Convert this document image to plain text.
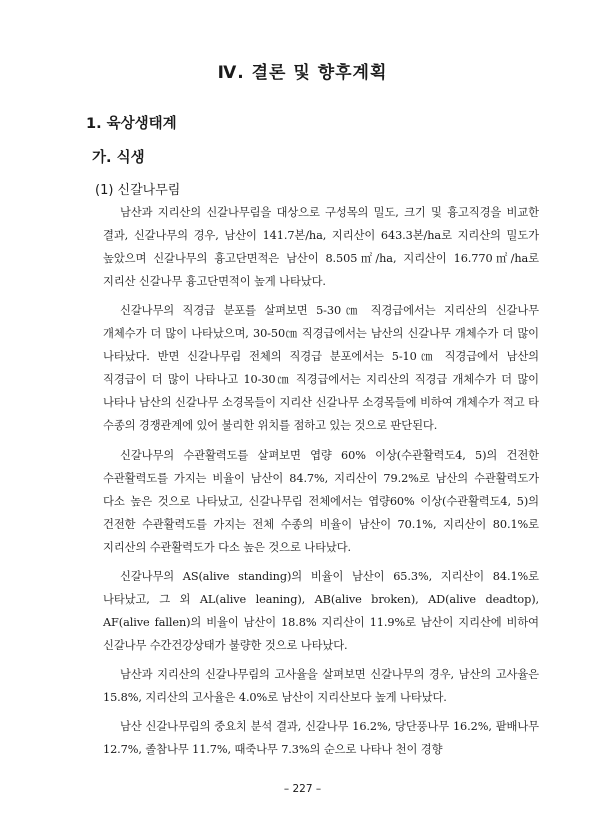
Ⅳ. 결론 및 향후계획
1. 육상생태계
가. 식생
(1) 신갈나무림

남산과 지리산의 신갈나무림을 대상으로 구성목의 밀도, 크기 및 흉고직경을 비교한 결과, 신갈나무의 경우, 남산이 141.7본/ha, 지리산이 643.3본/ha로 지리산의 밀도가 높았으며 신갈나무의 흉고단면적은 남산이 8.505㎡/ha, 지리산이 16.770㎡/ha로 지리산 신갈나무 흉고단면적이 높게 나타났다.

신갈나무의 직경급 분포를 살펴보면 5-30㎝ 직경급에서는 지리산의 신갈나무 개체수가 더 많이 나타났으며, 30-50㎝ 직경급에서는 남산의 신갈나무 개체수가 더 많이 나타났다. 반면 신갈나무림 전체의 직경급 분포에서는 5-10㎝ 직경급에서 남산의 직경급이 더 많이 나타나고 10-30㎝ 직경급에서는 지리산의 직경급 개체수가 더 많이 나타나 남산의 신갈나무 소경목들이 지리산 신갈나무 소경목들에 비하여 개체수가 적고 타 수종의 경쟁관계에 있어 불리한 위치를 점하고 있는 것으로 판단된다.

신갈나무의 수관활력도를 살펴보면 엽량 60% 이상(수관활력도4, 5)의 건전한 수관활력도를 가지는 비율이 남산이 84.7%, 지리산이 79.2%로 남산의 수관활력도가 다소 높은 것으로 나타났고, 신갈나무림 전체에서는 엽량60% 이상(수관활력도4, 5)의 건전한 수관활력도를 가지는 전체 수종의 비율이 남산이 70.1%, 지리산이 80.1%로 지리산의 수관활력도가 다소 높은 것으로 나타났다.

신갈나무의 AS(alive standing)의 비율이 남산이 65.3%, 지리산이 84.1%로 나타났고, 그 외 AL(alive leaning), AB(alive broken), AD(alive deadtop), AF(alive fallen)의 비율이 남산이 18.8% 지리산이 11.9%로 남산이 지리산에 비하여 신갈나무 수간건강상태가 불량한 것으로 나타났다.

남산과 지리산의 신갈나무림의 고사율을 살펴보면 신갈나무의 경우, 남산의 고사율은 15.8%, 지리산의 고사율은 4.0%로 남산이 지리산보다 높게 나타났다.

남산 신갈나무림의 중요치 분석 결과, 신갈나무 16.2%, 당단풍나무 16.2%, 팥배나무 12.7%, 졸참나무 11.7%, 때죽나무 7.3%의 순으로 나타나 천이 경향

– 227 –
